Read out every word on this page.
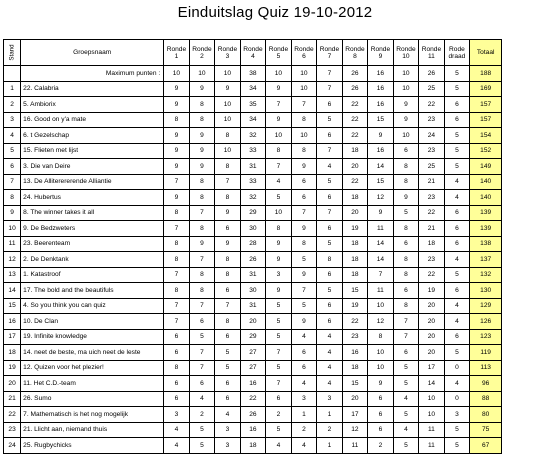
Einduitslag Quiz 19-10-2012
Stand	Groepsnaam	Ronde 1	Ronde 2	Ronde 3	Ronde 4	Ronde 5	Ronde 6	Ronde 7	Ronde 8	Ronde 9	Ronde 10	Ronde 11	Rode draad	Totaal
	Maximum punten :	10	10	10	38	10	10	7	26	16	10	26	5	188
1	22. Calabria	9	9	9	34	9	10	7	26	16	10	25	5	169
2	5. Ambiorix	9	8	10	35	7	7	6	22	16	9	22	6	157
3	16. Good on y'a mate	8	8	10	34	9	8	5	22	15	9	23	6	157
4	6. t Gezelschap	9	9	8	32	10	10	6	22	9	10	24	5	154
5	15. Flieten met lijst	9	9	10	33	8	8	7	18	16	6	23	5	152
6	3. Die van Deire	9	9	8	31	7	9	4	20	14	8	25	5	149
7	13. De Alliterererende Alliantie	7	8	7	33	4	6	5	22	15	8	21	4	140
8	24. Hubertus	9	8	8	32	5	6	6	18	12	9	23	4	140
9	8. The winner takes it all	8	7	9	29	10	7	7	20	9	5	22	6	139
10	9. De Bedzweters	7	8	6	30	8	9	6	19	11	8	21	6	139
11	23. Beerenteam	8	9	9	28	9	8	5	18	14	6	18	6	138
12	2. De Denktank	8	7	8	26	9	5	8	18	14	8	23	4	137
13	1. Katastroof	7	8	8	31	3	9	6	18	7	8	22	5	132
14	17. The bold and the beautifuls	8	8	6	30	9	7	5	15	11	6	19	6	130
15	4. So you think you can quiz	7	7	7	31	5	5	6	19	10	8	20	4	129
16	10. De Clan	7	6	8	20	5	9	6	22	12	7	20	4	126
17	19. Infinite knowledge	6	5	6	29	5	4	4	23	8	7	20	6	123
18	14. neet de beste, ma uich neet de leste	6	7	5	27	7	6	4	16	10	6	20	5	119
19	12. Quizen voor het plezier!	8	7	5	27	5	6	4	18	10	5	17	0	113
20	11. Het C.D.-team	6	6	6	16	7	4	4	15	9	5	14	4	96
21	26. Sumo	6	4	6	22	6	3	3	20	6	4	10	0	88
22	7. Mathematisch is het nog mogelijk	3	2	4	26	2	1	1	17	6	5	10	3	80
23	21. Llicht aan, niemand thuis	4	5	3	16	5	2	2	12	6	4	11	5	75
24	25. Rugbychicks	4	5	3	18	4	4	1	11	2	5	11	5	67
